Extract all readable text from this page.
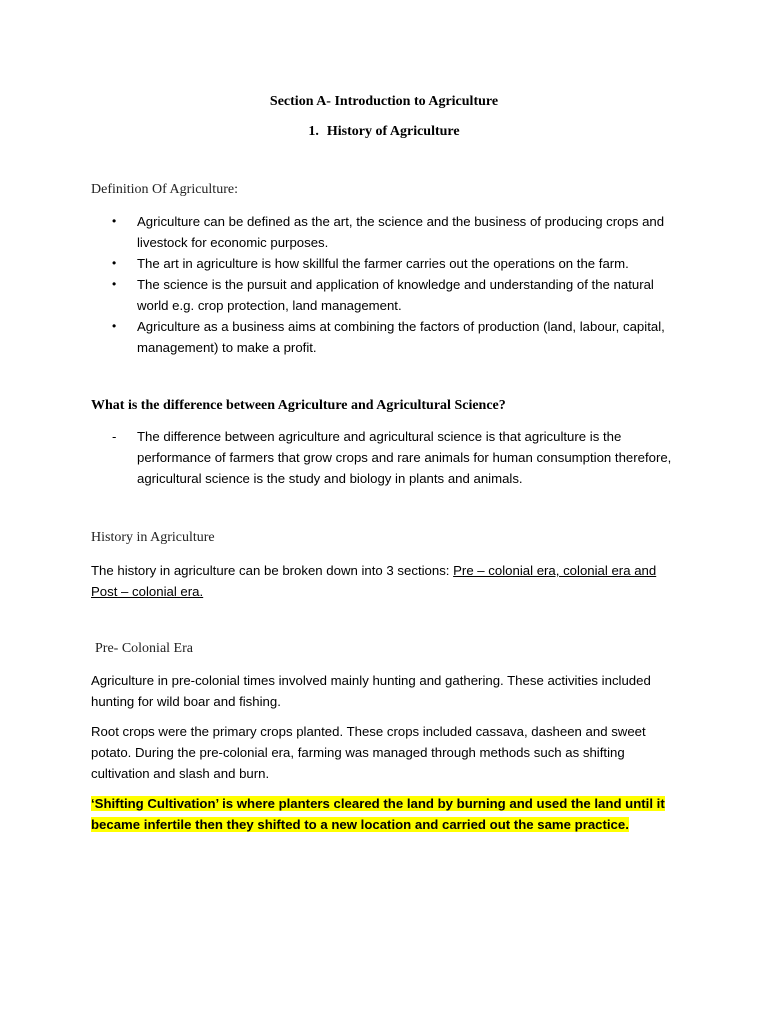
Section A- Introduction to Agriculture
1. History of Agriculture
Definition Of Agriculture:
• Agriculture can be defined as the art, the science and the business of producing crops and livestock for economic purposes.
• The art in agriculture is how skillful the farmer carries out the operations on the farm.
• The science is the pursuit and application of knowledge and understanding of the natural world e.g. crop protection, land management.
• Agriculture as a business aims at combining the factors of production (land, labour, capital, management) to make a profit.
What is the difference between Agriculture and Agricultural Science?
- The difference between agriculture and agricultural science is that agriculture is the performance of farmers that grow crops and rare animals for human consumption therefore, agricultural science is the study and biology in plants and animals.
History in Agriculture
The history in agriculture can be broken down into 3 sections: Pre – colonial era, colonial era and Post – colonial era.
Pre- Colonial Era
Agriculture in pre-colonial times involved mainly hunting and gathering. These activities included hunting for wild boar and fishing.
Root crops were the primary crops planted. These crops included cassava, dasheen and sweet potato. During the pre-colonial era, farming was managed through methods such as shifting cultivation and slash and burn.
‘Shifting Cultivation’ is where planters cleared the land by burning and used the land until it became infertile then they shifted to a new location and carried out the same practice.
